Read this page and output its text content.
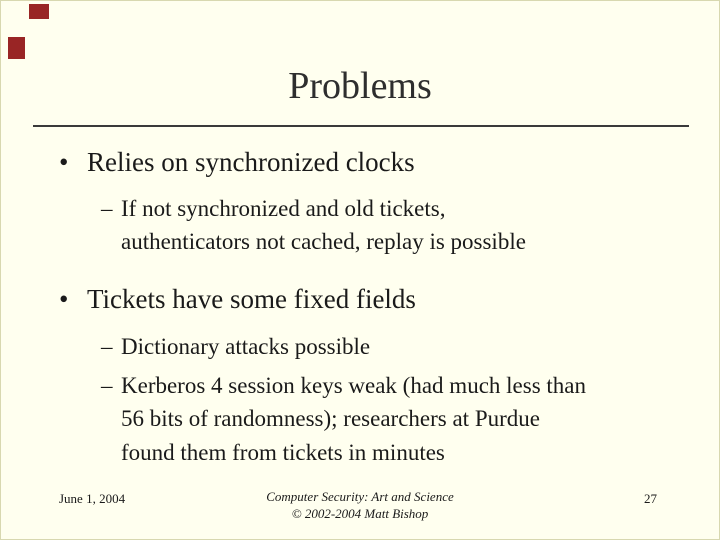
Problems
• Relies on synchronized clocks
– If not synchronized and old tickets, authenticators not cached, replay is possible
• Tickets have some fixed fields
– Dictionary attacks possible
– Kerberos 4 session keys weak (had much less than 56 bits of randomness); researchers at Purdue found them from tickets in minutes
June 1, 2004	Computer Security: Art and Science
© 2002-2004 Matt Bishop
27
